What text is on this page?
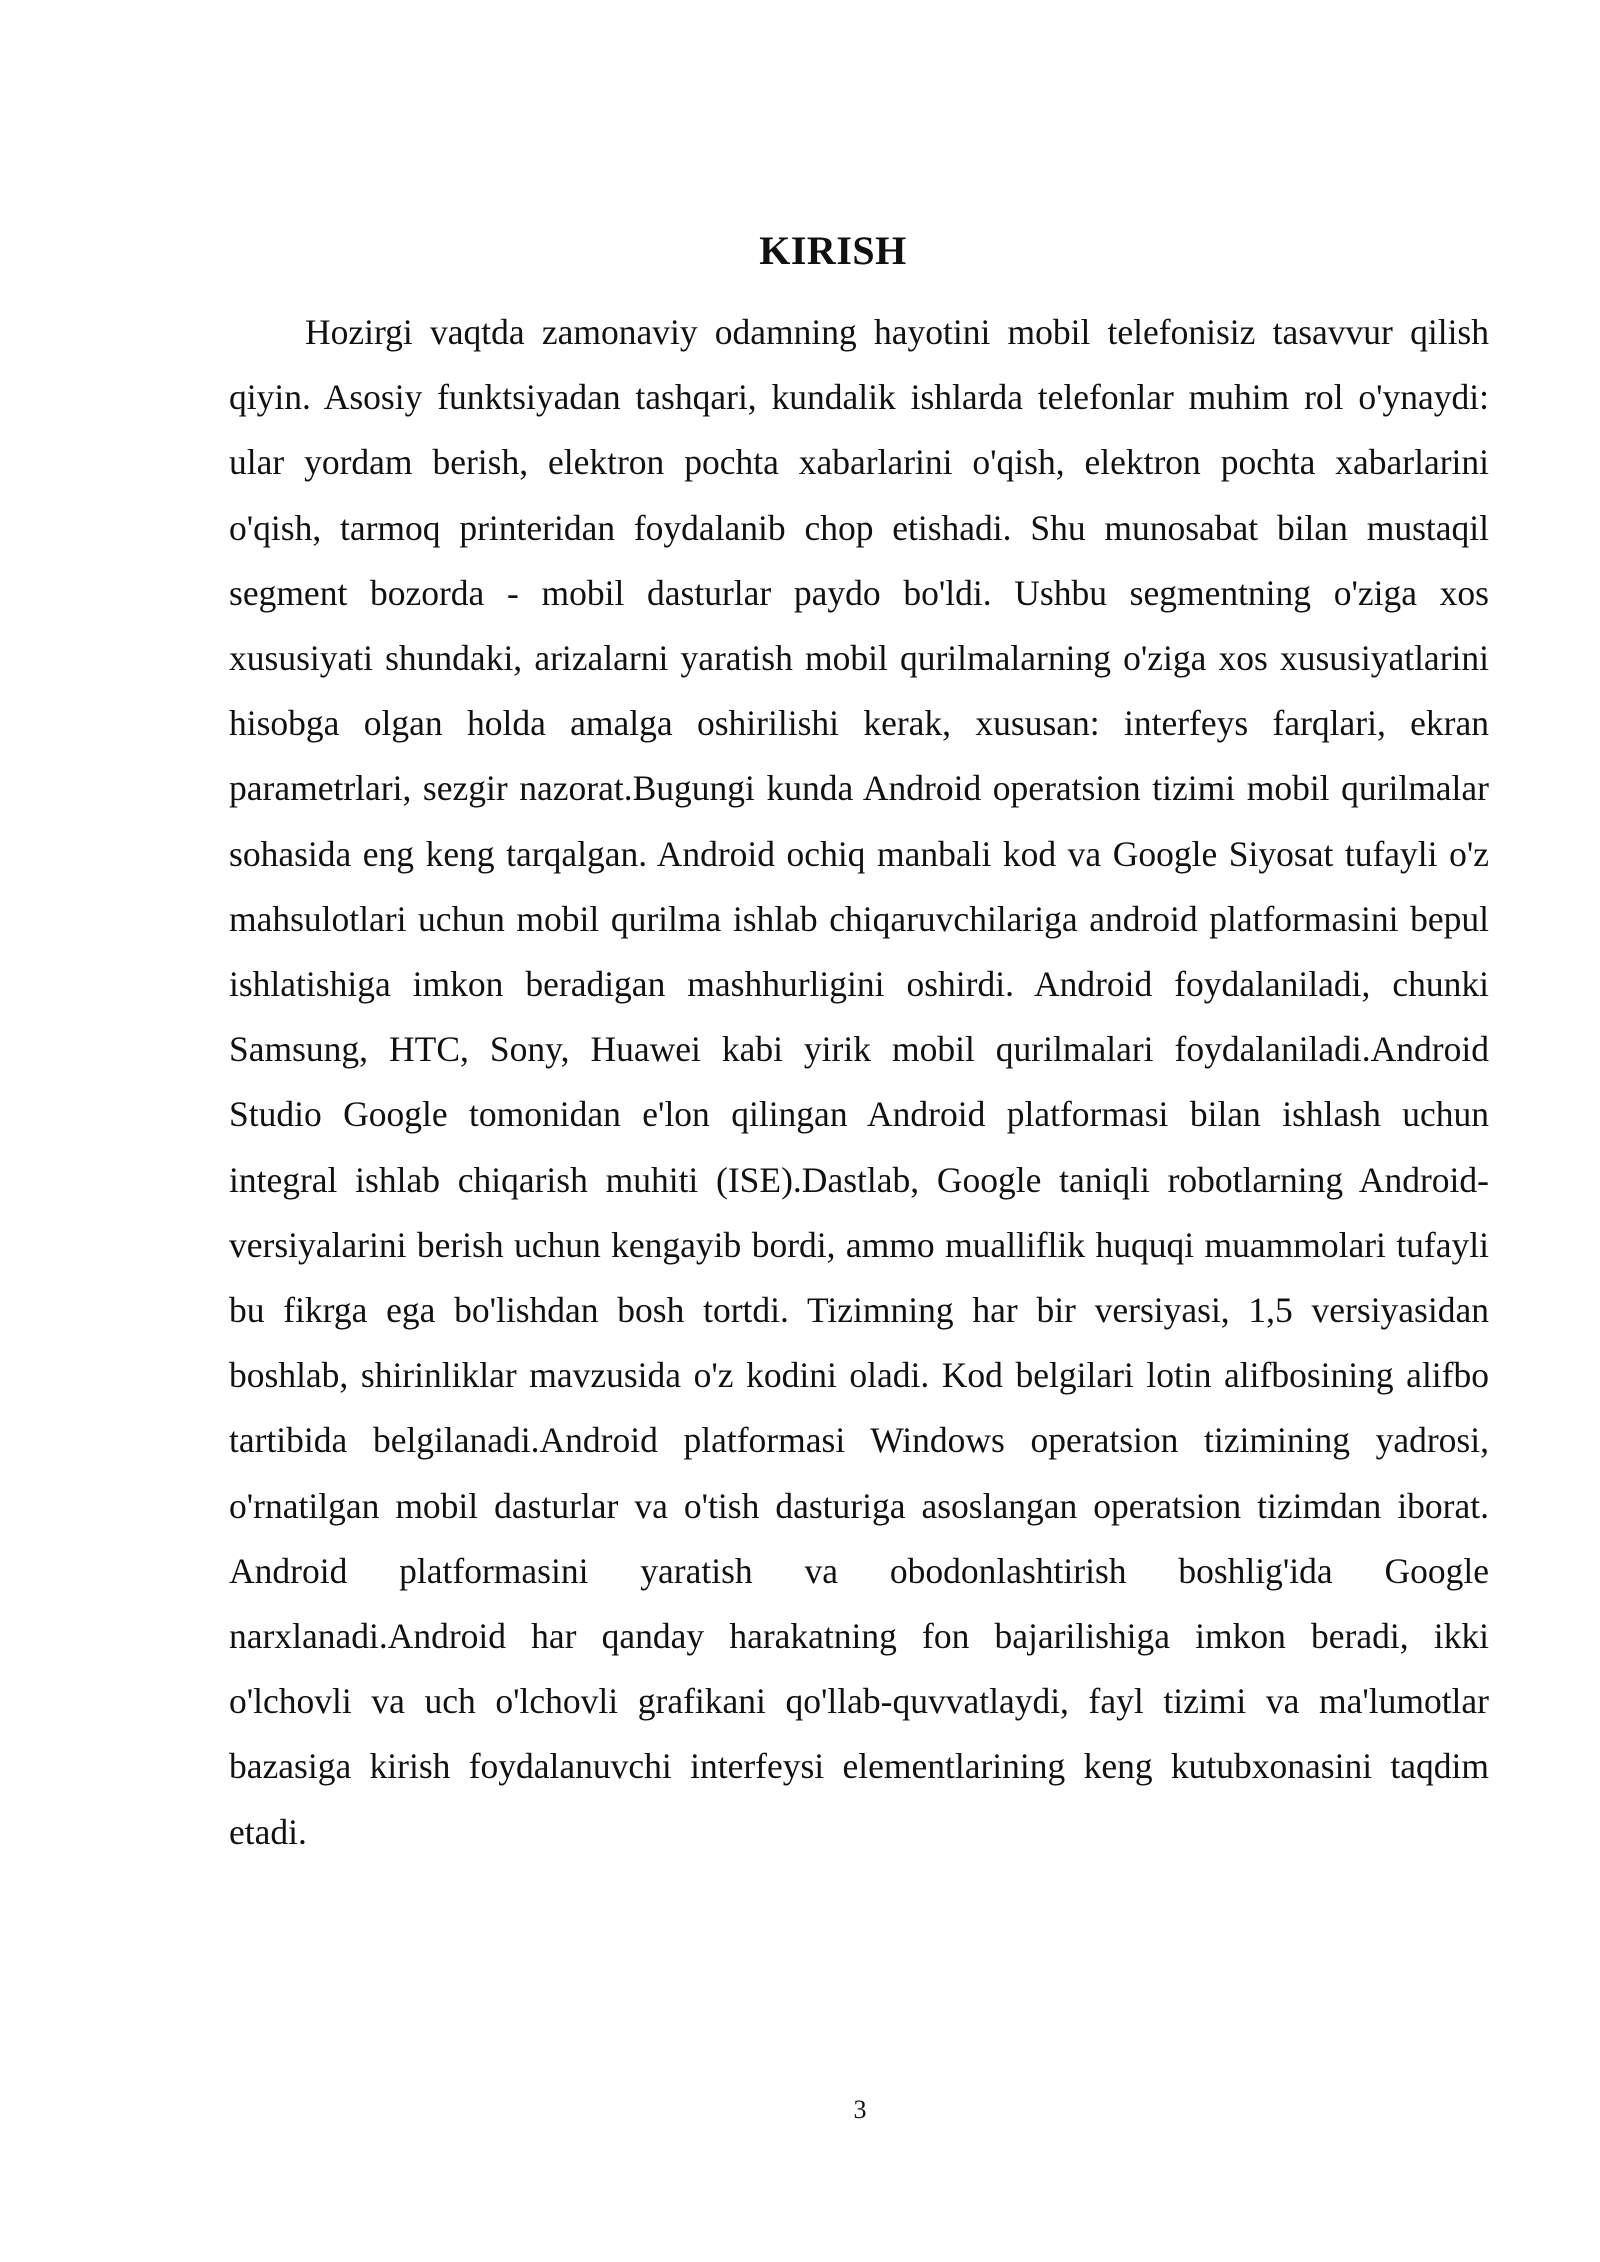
KIRISH

Hozirgi vaqtda zamonaviy odamning hayotini mobil telefonisiz tasavvur qilish qiyin. Asosiy funktsiyadan tashqari, kundalik ishlarda telefonlar muhim rol o'ynaydi: ular yordam berish, elektron pochta xabarlarini o'qish, elektron pochta xabarlarini o'qish, tarmoq printeridan foydalanib chop etishadi. Shu munosabat bilan mustaqil segment bozorda - mobil dasturlar paydo bo'ldi. Ushbu segmentning o'ziga xos xususiyati shundaki, arizalarni yaratish mobil qurilmalarning o'ziga xos xususiyatlarini hisobga olgan holda amalga oshirilishi kerak, xususan: interfeys farqlari, ekran parametrlari, sezgir nazorat.Bugungi kunda Android operatsion tizimi mobil qurilmalar sohasida eng keng tarqalgan. Android ochiq manbali kod va Google Siyosat tufayli o'z mahsulotlari uchun mobil qurilma ishlab chiqaruvchilariga android platformasini bepul ishlatishiga imkon beradigan mashhurligini oshirdi. Android foydalaniladi, chunki Samsung, HTC, Sony, Huawei kabi yirik mobil qurilmalari foydalaniladi.Android Studio Google tomonidan e'lon qilingan Android platformasi bilan ishlash uchun integral ishlab chiqarish muhiti (ISE).Dastlab, Google taniqli robotlarning Android-versiyalarini berish uchun kengayib bordi, ammo mualliflik huquqi muammolari tufayli bu fikrga ega bo'lishdan bosh tortdi. Tizimning har bir versiyasi, 1,5 versiyasidan boshlab, shirinliklar mavzusida o'z kodini oladi. Kod belgilari lotin alifbosining alifbo tartibida belgilanadi.Android platformasi Windows operatsion tizimining yadrosi, o'rnatilgan mobil dasturlar va o'tish dasturiga asoslangan operatsion tizimdan iborat. Android platformasini yaratish va obodonlashtirish boshlig'ida Google narxlanadi.Android har qanday harakatning fon bajarilishiga imkon beradi, ikki o'lchovli va uch o'lchovli grafikani qo'llab-quvvatlaydi, fayl tizimi va ma'lumotlar bazasiga kirish foydalanuvchi interfeysi elementlarining keng kutubxonasini taqdim etadi.

3
